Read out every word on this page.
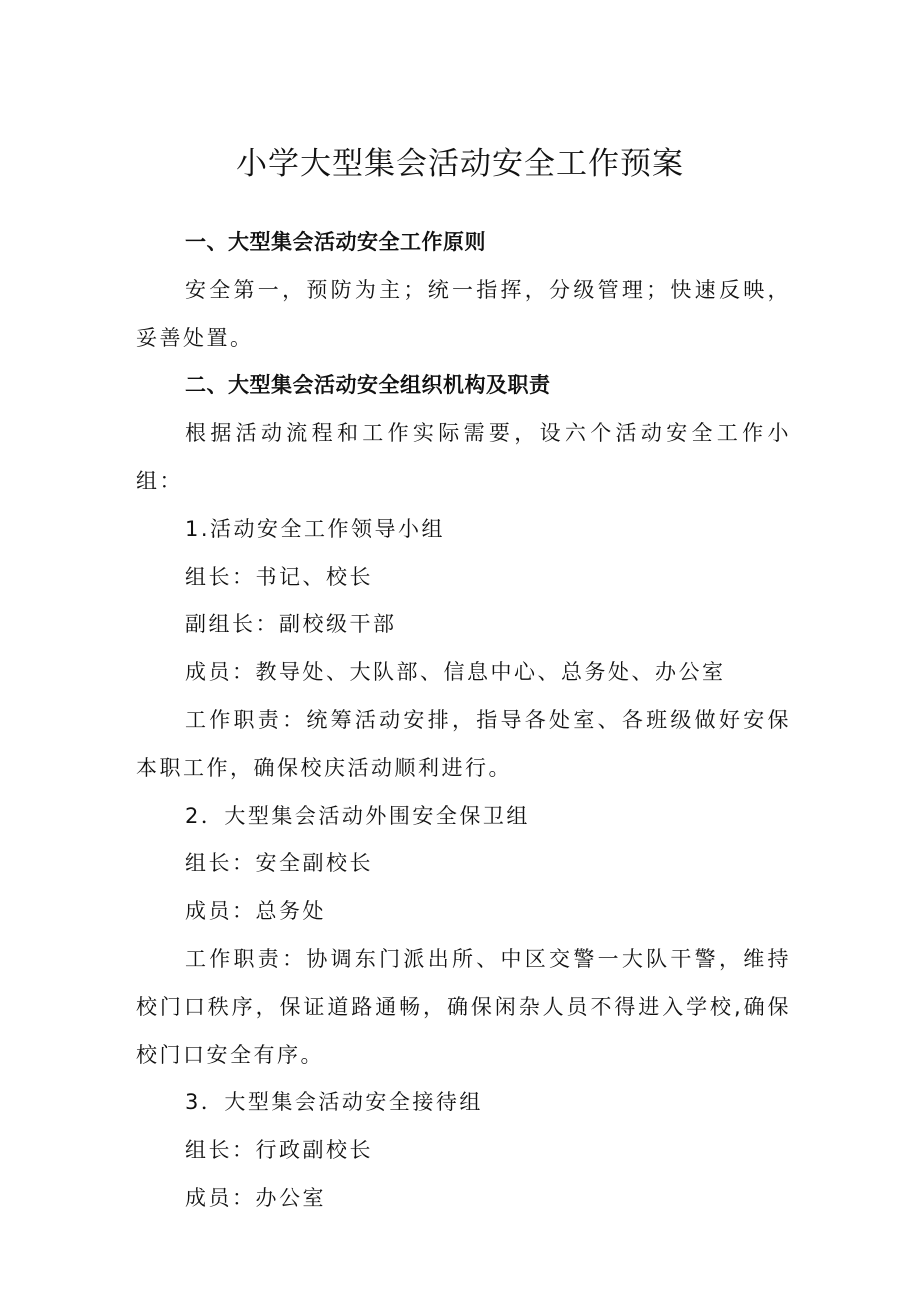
小学大型集会活动安全工作预案

一、大型集会活动安全工作原则

安全第一，预防为主；统一指挥，分级管理；快速反映，妥善处置。

二、大型集会活动安全组织机构及职责

根据活动流程和工作实际需要，设六个活动安全工作小组：

1.活动安全工作领导小组

组长：书记、校长

副组长：副校级干部

成员：教导处、大队部、信息中心、总务处、办公室

工作职责：统筹活动安排，指导各处室、各班级做好安保本职工作，确保校庆活动顺利进行。

2．大型集会活动外围安全保卫组

组长：安全副校长

成员：总务处

工作职责：协调东门派出所、中区交警一大队干警，维持校门口秩序，保证道路通畅，确保闲杂人员不得进入学校,确保校门口安全有序。

3．大型集会活动安全接待组

组长：行政副校长

成员：办公室
